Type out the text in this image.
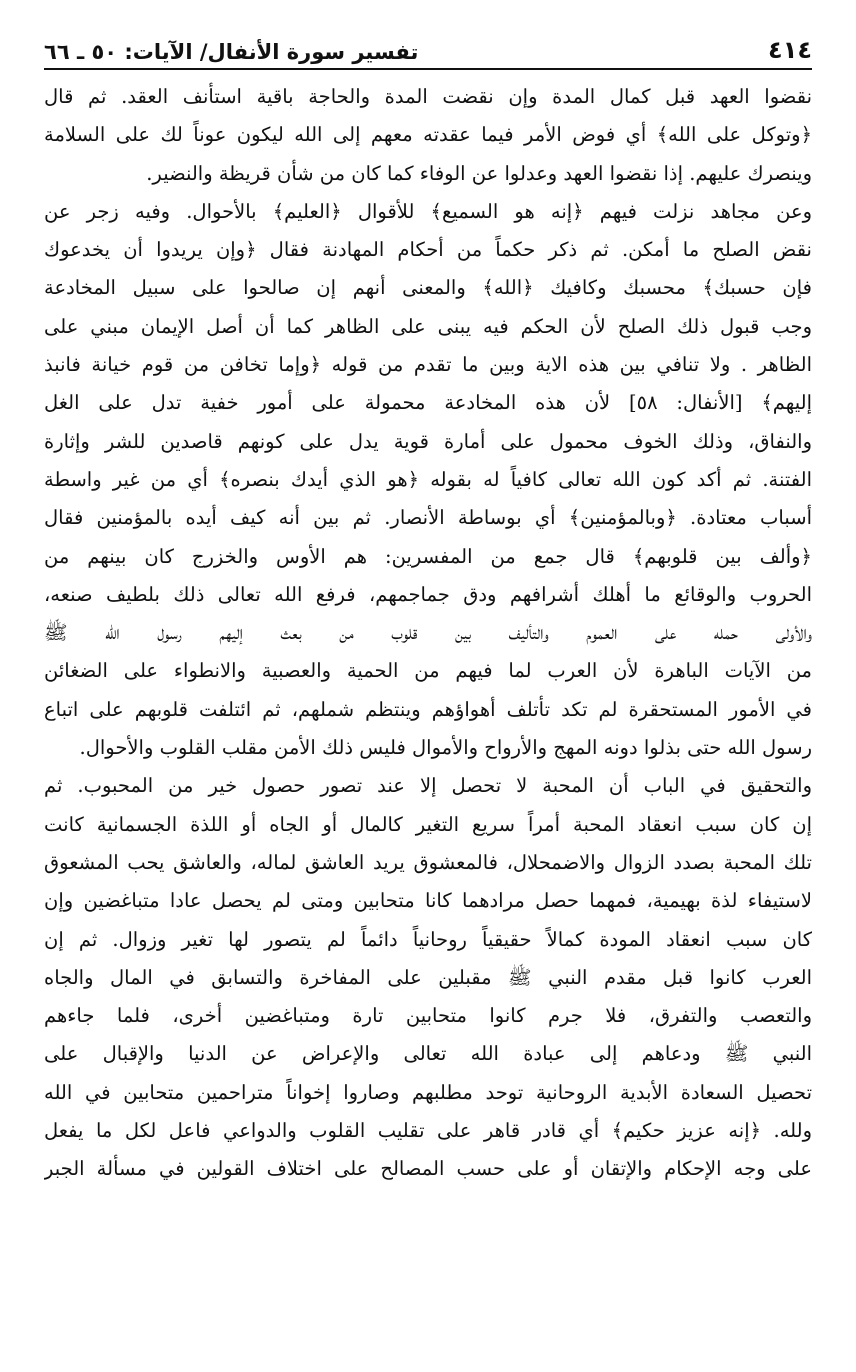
٤١٤
تفسير سورة الأنفال/ الآيات: ٥٠ ـ ٦٦
نقضوا العهد قبل كمال المدة وإن نقضت المدة والحاجة باقية استأنف العقد. ثم قال
﴿وتوكل على الله﴾ أي فوض الأمر فيما عقدته معهم إلى الله ليكون عوناً لك على السلامة
وينصرك عليهم. إذا نقضوا العهد وعدلوا عن الوفاء كما كان من شأن قريظة والنضير.
وعن مجاهد نزلت فيهم ﴿إنه هو السميع﴾ للأقوال ﴿العليم﴾ بالأحوال. وفيه زجر عن
نقض الصلح ما أمكن. ثم ذكر حكماً من أحكام المهادنة فقال ﴿وإن يريدوا أن يخدعوك
فإن حسبك﴾ محسبك وكافيك ﴿الله﴾ والمعنى أنهم إن صالحوا على سبيل المخادعة
وجب قبول ذلك الصلح لأن الحكم فيه يبنى على الظاهر كما أن أصل الإيمان مبني على
الظاهر . ولا تنافي بين هذه الاية وبين ما تقدم من قوله ﴿وإما تخافن من قوم خيانة فانبذ
إليهم﴾ [الأنفال: ٥٨] لأن هذه المخادعة محمولة على أمور خفية تدل على الغل
والنفاق، وذلك الخوف محمول على أمارة قوية يدل على كونهم قاصدين للشر وإثارة
الفتنة. ثم أكد كون الله تعالى كافياً له بقوله ﴿هو الذي أيدك بنصره﴾ أي من غير واسطة
أسباب معتادة. ﴿وبالمؤمنين﴾ أي بوساطة الأنصار. ثم بين أنه كيف أيده بالمؤمنين فقال
﴿وألف بين قلوبهم﴾ قال جمع من المفسرين: هم الأوس والخزرج كان بينهم من
الحروب والوقائع ما أهلك أشرافهم ودق جماجمهم، فرفع الله تعالى ذلك بلطيف صنعه،
والأولى حمله على العموم والتأليف بين قلوب من بعث إليهم رسول الله ﷺ
من الآيات الباهرة لأن العرب لما فيهم من الحمية والعصبية والانطواء على الضغائن
في الأمور المستحقرة لم تكد تأتلف أهواؤهم وينتظم شملهم، ثم ائتلفت قلوبهم على اتباع
رسول الله حتى بذلوا دونه المهج والأرواح والأموال فليس ذلك الأمن مقلب القلوب والأحوال.
والتحقيق في الباب أن المحبة لا تحصل إلا عند تصور حصول خير من المحبوب. ثم
إن كان سبب انعقاد المحبة أمراً سريع التغير كالمال أو الجاه أو اللذة الجسمانية كانت
تلك المحبة بصدد الزوال والاضمحلال، فالمعشوق يريد العاشق لماله، والعاشق يحب المشعوق
لاستيفاء لذة بهيمية، فمهما حصل مرادهما كانا متحابين ومتى لم يحصل عادا متباغضين وإن
كان سبب انعقاد المودة كمالاً حقيقياً روحانياً دائماً لم يتصور لها تغير وزوال. ثم إن
العرب كانوا قبل مقدم النبي ﷺ مقبلين على المفاخرة والتسابق في المال والجاه
والتعصب والتفرق، فلا جرم كانوا متحابين تارة ومتباغضين أخرى، فلما جاءهم
النبي ﷺ ودعاهم إلى عبادة الله تعالى والإعراض عن الدنيا والإقبال على
تحصيل السعادة الأبدية الروحانية توحد مطلبهم وصاروا إخواناً متراحمين متحابين في الله
ولله. ﴿إنه عزيز حكيم﴾ أي قادر قاهر على تقليب القلوب والدواعي فاعل لكل ما يفعل
على وجه الإحكام والإتقان أو على حسب المصالح على اختلاف القولين في مسألة الجبر
